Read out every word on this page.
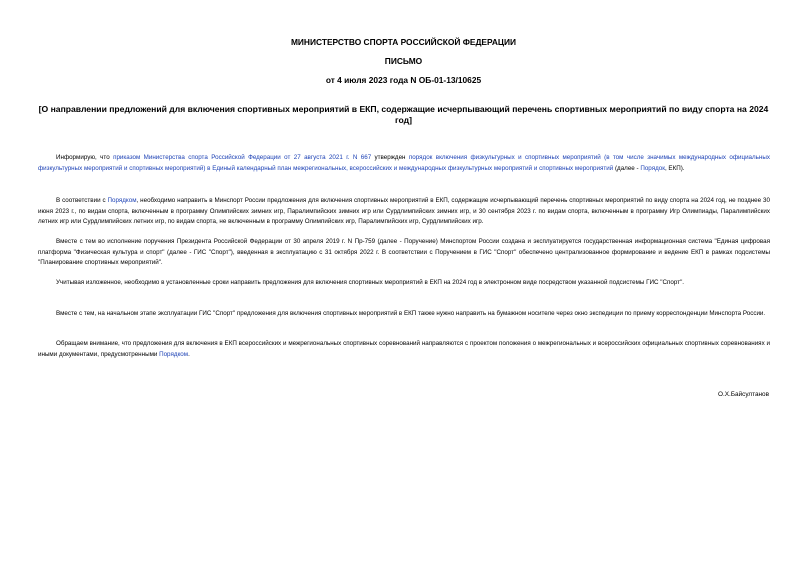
МИНИСТЕРСТВО СПОРТА РОССИЙСКОЙ ФЕДЕРАЦИИ
ПИСЬМО
от 4 июля 2023 года N ОБ-01-13/10625
[О направлении предложений для включения спортивных мероприятий в ЕКП, содержащие исчерпывающий перечень спортивных мероприятий по виду спорта на 2024 год]
Информирую, что приказом Министерства спорта Российской Федерации от 27 августа 2021 г. N 667 утвержден порядок включения физкультурных и спортивных мероприятий (в том числе значимых международных официальных физкультурных мероприятий и спортивных мероприятий) в Единый календарный план межрегиональных, всероссийских и международных физкультурных мероприятий и спортивных мероприятий (далее - Порядок, ЕКП).
В соответствии с Порядком, необходимо направить в Минспорт России предложения для включения спортивных мероприятий в ЕКП, содержащие исчерпывающий перечень спортивных мероприятий по виду спорта на 2024 год, не позднее 30 июня 2023 г., по видам спорта, включенным в программу Олимпийских зимних игр, Паралимпийских зимних игр или Сурдлимпийских зимних игр, и 30 сентября 2023 г. по видам спорта, включенным в программу Игр Олимпиады, Паралимпийских летних игр или Сурдлимпийских летних игр, по видам спорта, не включенным в программу Олимпийских игр, Паралимпийских игр, Сурдлимпийских игр.
Вместе с тем во исполнение поручения Президента Российской Федерации от 30 апреля 2019 г. N Пр-759 (далее - Поручение) Минспортом России создана и эксплуатируется государственная информационная система "Единая цифровая платформа "Физическая культура и спорт" (далее - ГИС "Спорт"), введенная в эксплуатацию с 31 октября 2022 г. В соответствии с Поручением в ГИС "Спорт" обеспечено централизованное формирование и ведение ЕКП в рамках подсистемы "Планирование спортивных мероприятий".
Учитывая изложенное, необходимо в установленные сроки направить предложения для включения спортивных мероприятий в ЕКП на 2024 год в электронном виде посредством указанной подсистемы ГИС "Спорт".
Вместе с тем, на начальном этапе эксплуатации ГИС "Спорт" предложения для включения спортивных мероприятий в ЕКП также нужно направить на бумажном носителе через окно экспедиции по приему корреспонденции Минспорта России.
Обращаем внимание, что предложения для включения в ЕКП всероссийских и межрегиональных спортивных соревнований направляются с проектом положения о межрегиональных и всероссийских официальных спортивных соревнованиях и иными документами, предусмотренными Порядком.
О.Х.Байсултанов
